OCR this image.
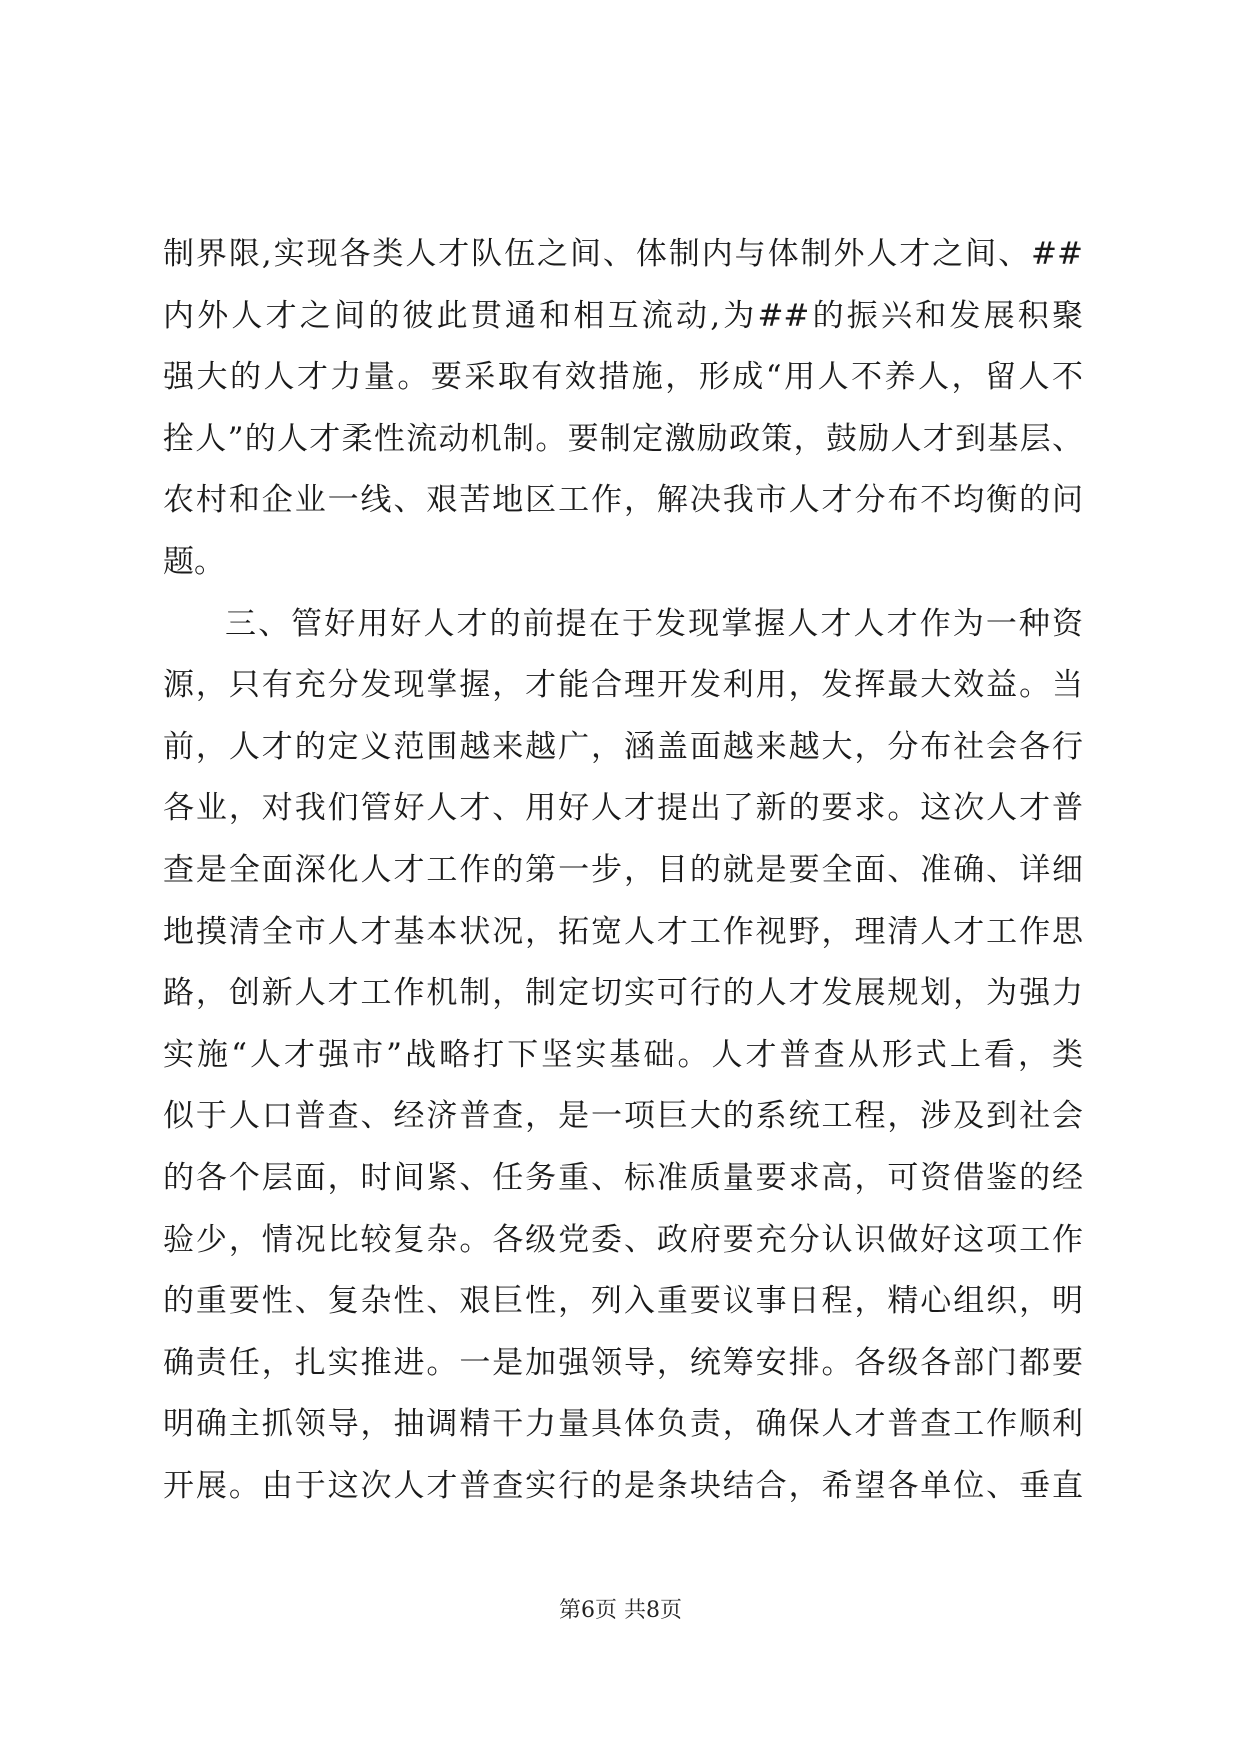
制界限,实现各类人才队伍之间、体制内与体制外人才之间、##
内外人才之间的彼此贯通和相互流动,为##的振兴和发展积聚
强大的人才力量。要采取有效措施，形成“用人不养人，留人不
拴人”的人才柔性流动机制。要制定激励政策，鼓励人才到基层、
农村和企业一线、艰苦地区工作，解决我市人才分布不均衡的问
题。
三、管好用好人才的前提在于发现掌握人才人才作为一种资
源，只有充分发现掌握，才能合理开发利用，发挥最大效益。当
前，人才的定义范围越来越广，涵盖面越来越大，分布社会各行
各业，对我们管好人才、用好人才提出了新的要求。这次人才普
查是全面深化人才工作的第一步，目的就是要全面、准确、详细
地摸清全市人才基本状况，拓宽人才工作视野，理清人才工作思
路，创新人才工作机制，制定切实可行的人才发展规划，为强力
实施“人才强市”战略打下坚实基础。人才普查从形式上看，类
似于人口普查、经济普查，是一项巨大的系统工程，涉及到社会
的各个层面，时间紧、任务重、标准质量要求高，可资借鉴的经
验少，情况比较复杂。各级党委、政府要充分认识做好这项工作
的重要性、复杂性、艰巨性，列入重要议事日程，精心组织，明
确责任，扎实推进。一是加强领导，统筹安排。各级各部门都要
明确主抓领导，抽调精干力量具体负责，确保人才普查工作顺利
开展。由于这次人才普查实行的是条块结合，希望各单位、垂直
第6页 共8页
